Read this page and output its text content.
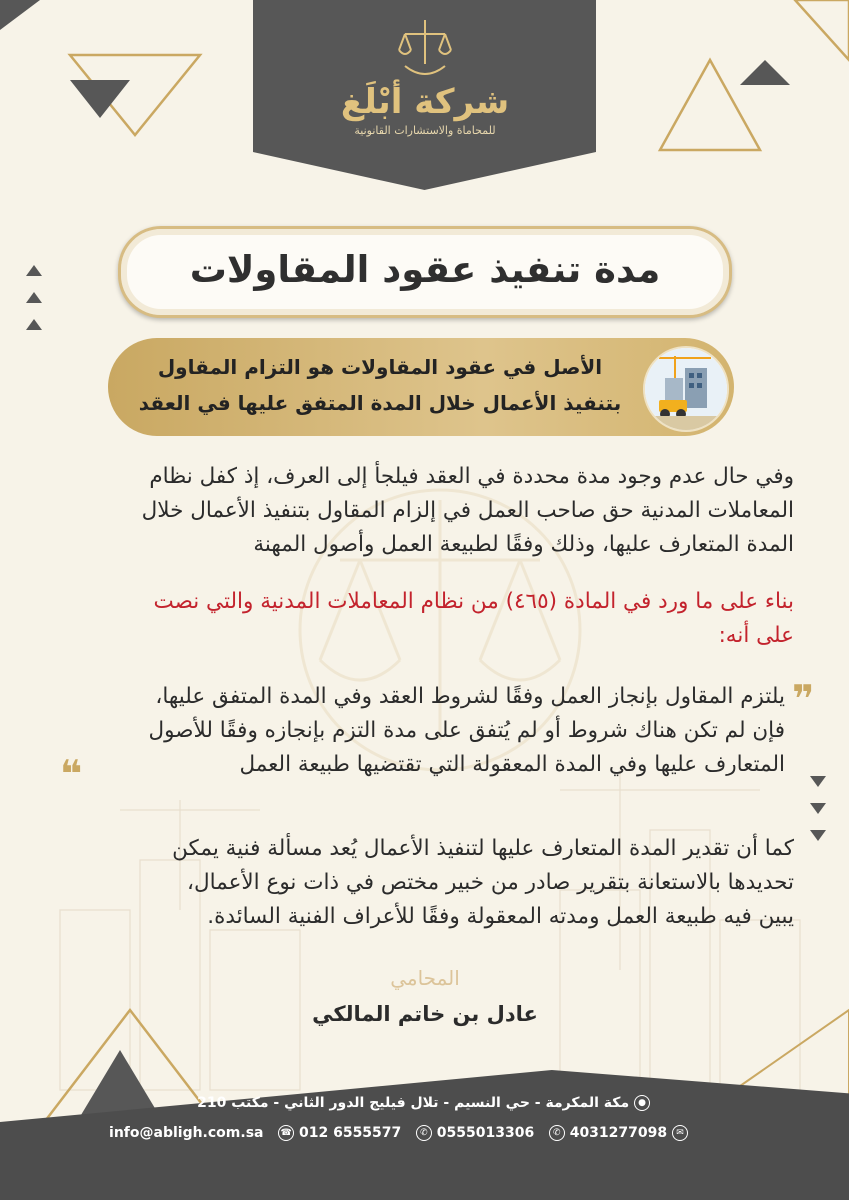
شركة أبْلَغ
للمحاماة والاستشارات القانونية
مدة تنفيذ عقود المقاولات
الأصل في عقود المقاولات هو التزام المقاول
بتنفيذ الأعمال خلال المدة المتفق عليها في العقد
وفي حال عدم وجود مدة محددة في العقد فيلجأ إلى العرف، إذ كفل نظام
المعاملات المدنية حق صاحب العمل في إلزام المقاول بتنفيذ الأعمال خلال
المدة المتعارف عليها، وذلك وفقًا لطبيعة العمل وأصول المهنة
بناء على ما ورد في المادة (٤٦٥) من نظام المعاملات المدنية والتي نصت
على أنه:
❞
يلتزم المقاول بإنجاز العمل وفقًا لشروط العقد وفي المدة المتفق عليها،
فإن لم تكن هناك شروط أو لم يُتفق على مدة التزم بإنجازه وفقًا للأصول
المتعارف عليها وفي المدة المعقولة التي تقتضيها طبيعة العمل
❝
كما أن تقدير المدة المتعارف عليها لتنفيذ الأعمال يُعد مسألة فنية يمكن
تحديدها بالاستعانة بتقرير صادر من خبير مختص في ذات نوع الأعمال،
يبين فيه طبيعة العمل ومدته المعقولة وفقًا للأعراف الفنية السائدة.
المحامي
عادل بن خاتم المالكي
● مكة المكرمة - حي النسيم - تلال فيليج الدور الثاني - مكتب 210
✉ info@abligh.com.sa ☎ 012 6555577 ✆ 0555013306 ✆ 4031277098
